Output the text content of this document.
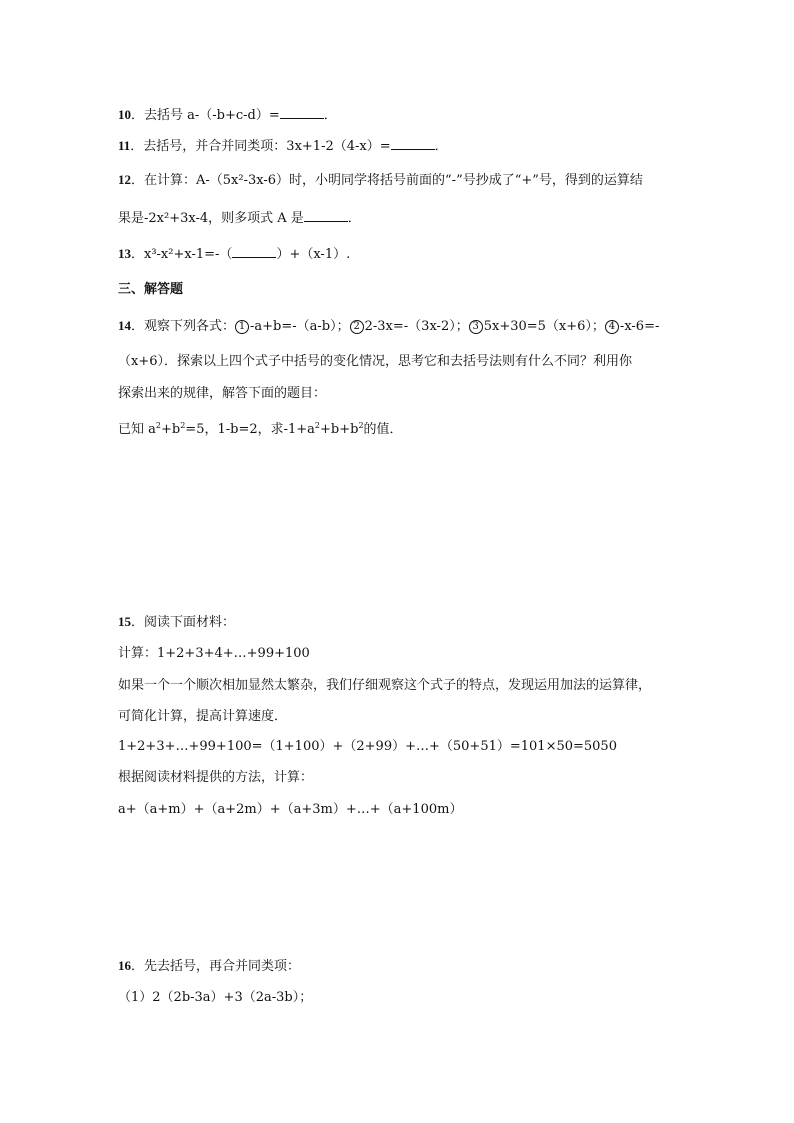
10．去括号 a-（-b+c-d）=	．
11．去括号，并合并同类项：3x+1-2（4-x）=	．
12．在计算：A-（5x²-3x-6）时，小明同学将括号前面的“-”号抄成了“+”号，得到的运算结
果是-2x²+3x-4，则多项式 A 是	．
13．x³-x²+x-1=-（	）+（x-1）.
三、解答题
14．观察下列各式： 1 -a+b=-（a-b）； 2 2-3x=-（3x-2）； 3 5x+30=5（x+6）； 4 -x-6=-
（x+6）．探索以上四个式子中括号的变化情况，思考它和去括号法则有什么不同？利用你
探索出来的规律，解答下面的题目：
已知 $a^2+b^2=5$，1-b=2，求$-1+a^2+b+b^2$的值．
15．阅读下面材料：
计算：1+2+3+4+…+99+100
如果一个一个顺次相加显然太繁杂，我们仔细观察这个式子的特点，发现运用加法的运算律，
可简化计算，提高计算速度．
1+2+3+…+99+100=（1+100）+（2+99）+…+（50+51）=101×50=5050
根据阅读材料提供的方法，计算：
a+（a+m）+（a+2m）+（a+3m）+…+（a+100m）
16．先去括号，再合并同类项：
（1）2（2b-3a）+3（2a-3b）；
